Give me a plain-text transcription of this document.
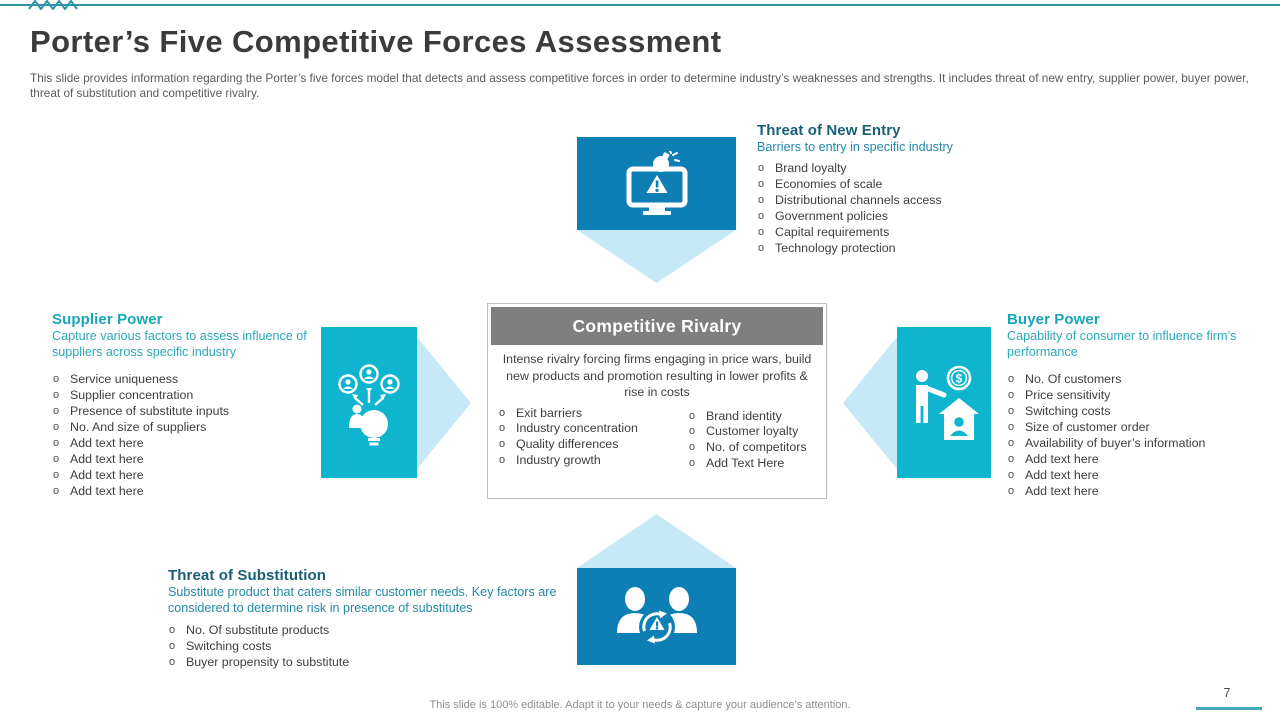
Porter’s Five Competitive Forces Assessment

This slide provides information regarding the Porter’s five forces model that detects and assess competitive forces in order to determine industry’s weaknesses and strengths. It includes threat of new entry, supplier power, buyer power, threat of substitution and competitive rivalry.

Threat of New Entry
Barriers to entry in specific industry
o Brand loyalty
o Economies of scale
o Distributional channels access
o Government policies
o Capital requirements
o Technology protection
Supplier Power
Capture various factors to assess influence of suppliers across specific industry
o Service uniqueness
o Supplier concentration
o Presence of substitute inputs
o No. And size of suppliers
o Add text here
o Add text here
o Add text here
o Add text here
$
Buyer Power
Capability of consumer to influence firm’s performance
o No. Of customers
o Price sensitivity
o Switching costs
o Size of customer order
o Availability of buyer’s information
o Add text here
o Add text here
o Add text here
Threat of Substitution
Substitute product that caters similar customer needs. Key factors are considered to determine risk in presence of substitutes
o No. Of substitute products
o Switching costs
o Buyer propensity to substitute
Competitive Rivalry
Intense rivalry forcing firms engaging in price wars, build new products and promotion resulting in lower profits & rise in costs
o Exit barriers
o Industry concentration
o Quality differences
o Industry growth
o Brand identity
o Customer loyalty
o No. of competitors
o Add Text Here
This slide is 100% editable. Adapt it to your needs & capture your audience’s attention.
7
